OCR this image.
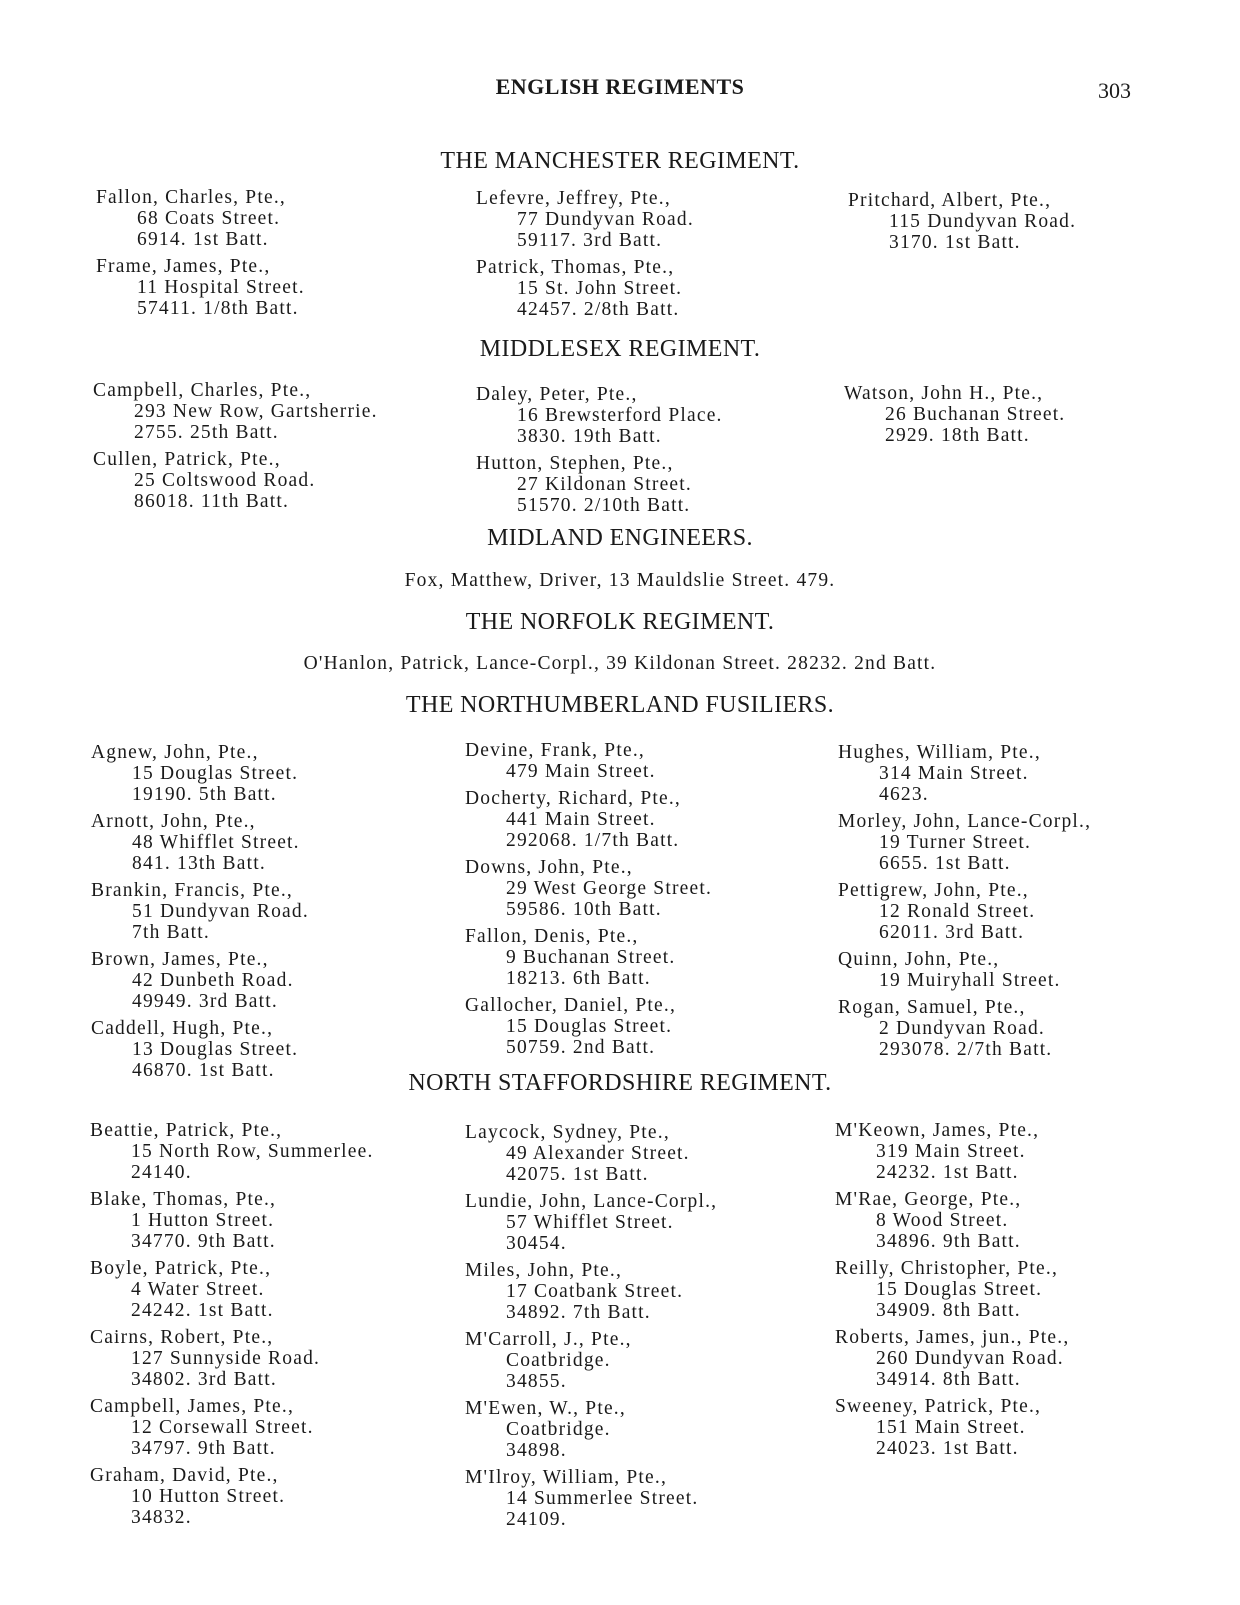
ENGLISH REGIMENTS	303
THE MANCHESTER REGIMENT.
Fallon, Charles, Pte.,
68 Coats Street.
6914. 1st Batt.
Frame, James, Pte.,
11 Hospital Street.
57411. 1/8th Batt.
Lefevre, Jeffrey, Pte.,
77 Dundyvan Road.
59117. 3rd Batt.
Patrick, Thomas, Pte.,
15 St. John Street.
42457. 2/8th Batt.
Pritchard, Albert, Pte.,
115 Dundyvan Road.
3170. 1st Batt.
MIDDLESEX REGIMENT.
Campbell, Charles, Pte.,
293 New Row, Gartsherrie.
2755. 25th Batt.
Cullen, Patrick, Pte.,
25 Coltswood Road.
86018. 11th Batt.
Daley, Peter, Pte.,
16 Brewsterford Place.
3830. 19th Batt.
Hutton, Stephen, Pte.,
27 Kildonan Street.
51570. 2/10th Batt.
Watson, John H., Pte.,
26 Buchanan Street.
2929. 18th Batt.
MIDLAND ENGINEERS.
Fox, Matthew, Driver, 13 Mauldslie Street. 479.
THE NORFOLK REGIMENT.
O'Hanlon, Patrick, Lance-Corpl., 39 Kildonan Street. 28232. 2nd Batt.
THE NORTHUMBERLAND FUSILIERS.
Agnew, John, Pte.,
15 Douglas Street.
19190. 5th Batt.
Arnott, John, Pte.,
48 Whifflet Street.
841. 13th Batt.
Brankin, Francis, Pte.,
51 Dundyvan Road.
7th Batt.
Brown, James, Pte.,
42 Dunbeth Road.
49949. 3rd Batt.
Caddell, Hugh, Pte.,
13 Douglas Street.
46870. 1st Batt.
Devine, Frank, Pte.,
479 Main Street.
Docherty, Richard, Pte.,
441 Main Street.
292068. 1/7th Batt.
Downs, John, Pte.,
29 West George Street.
59586. 10th Batt.
Fallon, Denis, Pte.,
9 Buchanan Street.
18213. 6th Batt.
Gallocher, Daniel, Pte.,
15 Douglas Street.
50759. 2nd Batt.
Hughes, William, Pte.,
314 Main Street.
4623.
Morley, John, Lance-Corpl.,
19 Turner Street.
6655. 1st Batt.
Pettigrew, John, Pte.,
12 Ronald Street.
62011. 3rd Batt.
Quinn, John, Pte.,
19 Muiryhall Street.
Rogan, Samuel, Pte.,
2 Dundyvan Road.
293078. 2/7th Batt.
NORTH STAFFORDSHIRE REGIMENT.
Beattie, Patrick, Pte.,
15 North Row, Summerlee.
24140.
Blake, Thomas, Pte.,
1 Hutton Street.
34770. 9th Batt.
Boyle, Patrick, Pte.,
4 Water Street.
24242. 1st Batt.
Cairns, Robert, Pte.,
127 Sunnyside Road.
34802. 3rd Batt.
Campbell, James, Pte.,
12 Corsewall Street.
34797. 9th Batt.
Graham, David, Pte.,
10 Hutton Street.
34832.
Laycock, Sydney, Pte.,
49 Alexander Street.
42075. 1st Batt.
Lundie, John, Lance-Corpl.,
57 Whifflet Street.
30454.
Miles, John, Pte.,
17 Coatbank Street.
34892. 7th Batt.
M'Carroll, J., Pte.,
Coatbridge.
34855.
M'Ewen, W., Pte.,
Coatbridge.
34898.
M'Ilroy, William, Pte.,
14 Summerlee Street.
24109.
M'Keown, James, Pte.,
319 Main Street.
24232. 1st Batt.
M'Rae, George, Pte.,
8 Wood Street.
34896. 9th Batt.
Reilly, Christopher, Pte.,
15 Douglas Street.
34909. 8th Batt.
Roberts, James, jun., Pte.,
260 Dundyvan Road.
34914. 8th Batt.
Sweeney, Patrick, Pte.,
151 Main Street.
24023. 1st Batt.
